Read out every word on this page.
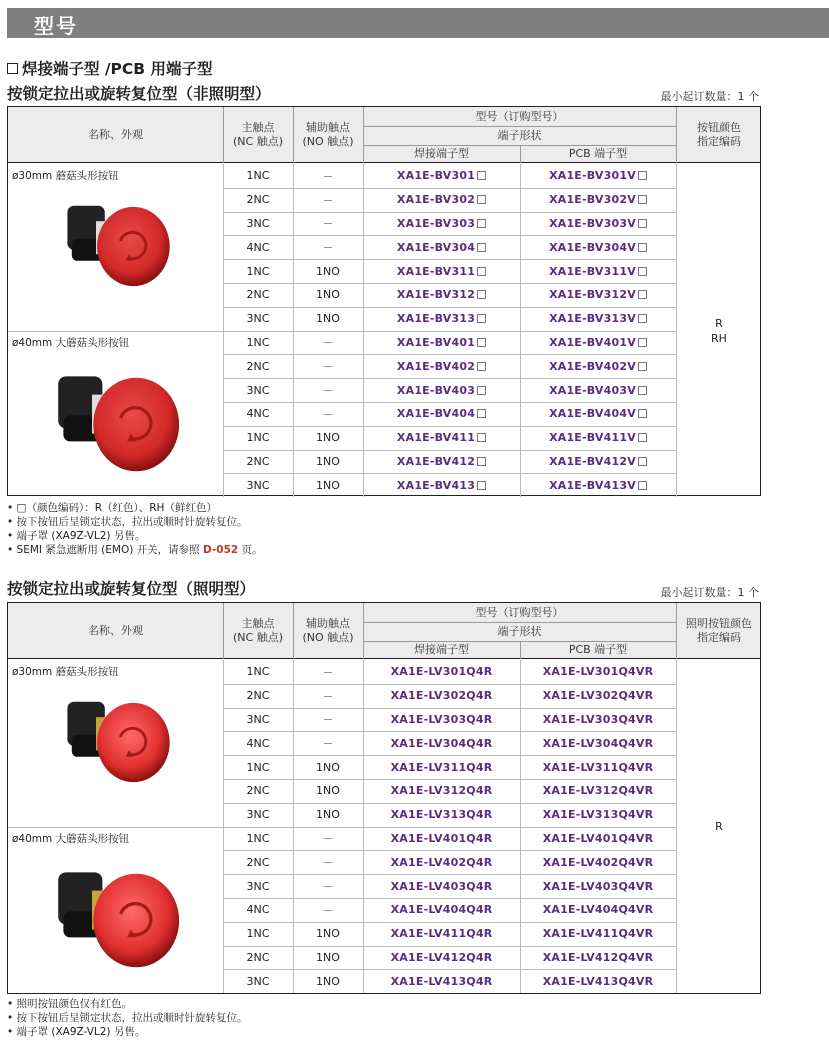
型号
焊接端子型 /PCB 用端子型
按锁定拉出或旋转复位型（非照明型）	最小起订数量：1 个
名称、外观
主触点
(NC 触点)
辅助触点
(NO 触点)
型号（订购型号）
端子形状
焊接端子型	PCB 端子型
按钮颜色
指定编码
1NC	－	XA1E-BV301	XA1E-BV301V
2NC	－	XA1E-BV302	XA1E-BV302V
3NC	－	XA1E-BV303	XA1E-BV303V
4NC	－	XA1E-BV304	XA1E-BV304V
1NC	1NO	XA1E-BV311	XA1E-BV311V
2NC	1NO	XA1E-BV312	XA1E-BV312V
3NC	1NO	XA1E-BV313	XA1E-BV313V
1NC	－	XA1E-BV401	XA1E-BV401V
2NC	－	XA1E-BV402	XA1E-BV402V
3NC	－	XA1E-BV403	XA1E-BV403V
4NC	－	XA1E-BV404	XA1E-BV404V
1NC	1NO	XA1E-BV411	XA1E-BV411V
2NC	1NO	XA1E-BV412	XA1E-BV412V
3NC	1NO	XA1E-BV413	XA1E-BV413V
ø30mm 蘑菇头形按钮
ø40mm 大蘑菇头形按钮
R
RH
• □（颜色编码）：R（红色）、RH（鲜红色）
• 按下按钮后呈锁定状态，拉出或顺时针旋转复位。
• 端子罩 (XA9Z-VL2) 另售。
• SEMI 紧急遮断用 (EMO) 开关，请参照 D-052 页。
按锁定拉出或旋转复位型（照明型）	最小起订数量：1 个
名称、外观
主触点
(NC 触点)
辅助触点
(NO 触点)
型号（订购型号）
端子形状
焊接端子型	PCB 端子型
照明按钮颜色
指定编码
1NC	－	XA1E-LV301Q4R	XA1E-LV301Q4VR
2NC	－	XA1E-LV302Q4R	XA1E-LV302Q4VR
3NC	－	XA1E-LV303Q4R	XA1E-LV303Q4VR
4NC	－	XA1E-LV304Q4R	XA1E-LV304Q4VR
1NC	1NO	XA1E-LV311Q4R	XA1E-LV311Q4VR
2NC	1NO	XA1E-LV312Q4R	XA1E-LV312Q4VR
3NC	1NO	XA1E-LV313Q4R	XA1E-LV313Q4VR
1NC	－	XA1E-LV401Q4R	XA1E-LV401Q4VR
2NC	－	XA1E-LV402Q4R	XA1E-LV402Q4VR
3NC	－	XA1E-LV403Q4R	XA1E-LV403Q4VR
4NC	－	XA1E-LV404Q4R	XA1E-LV404Q4VR
1NC	1NO	XA1E-LV411Q4R	XA1E-LV411Q4VR
2NC	1NO	XA1E-LV412Q4R	XA1E-LV412Q4VR
3NC	1NO	XA1E-LV413Q4R	XA1E-LV413Q4VR
ø30mm 蘑菇头形按钮
ø40mm 大蘑菇头形按钮
R
• 照明按钮颜色仅有红色。
• 按下按钮后呈锁定状态，拉出或顺时针旋转复位。
• 端子罩 (XA9Z-VL2) 另售。
